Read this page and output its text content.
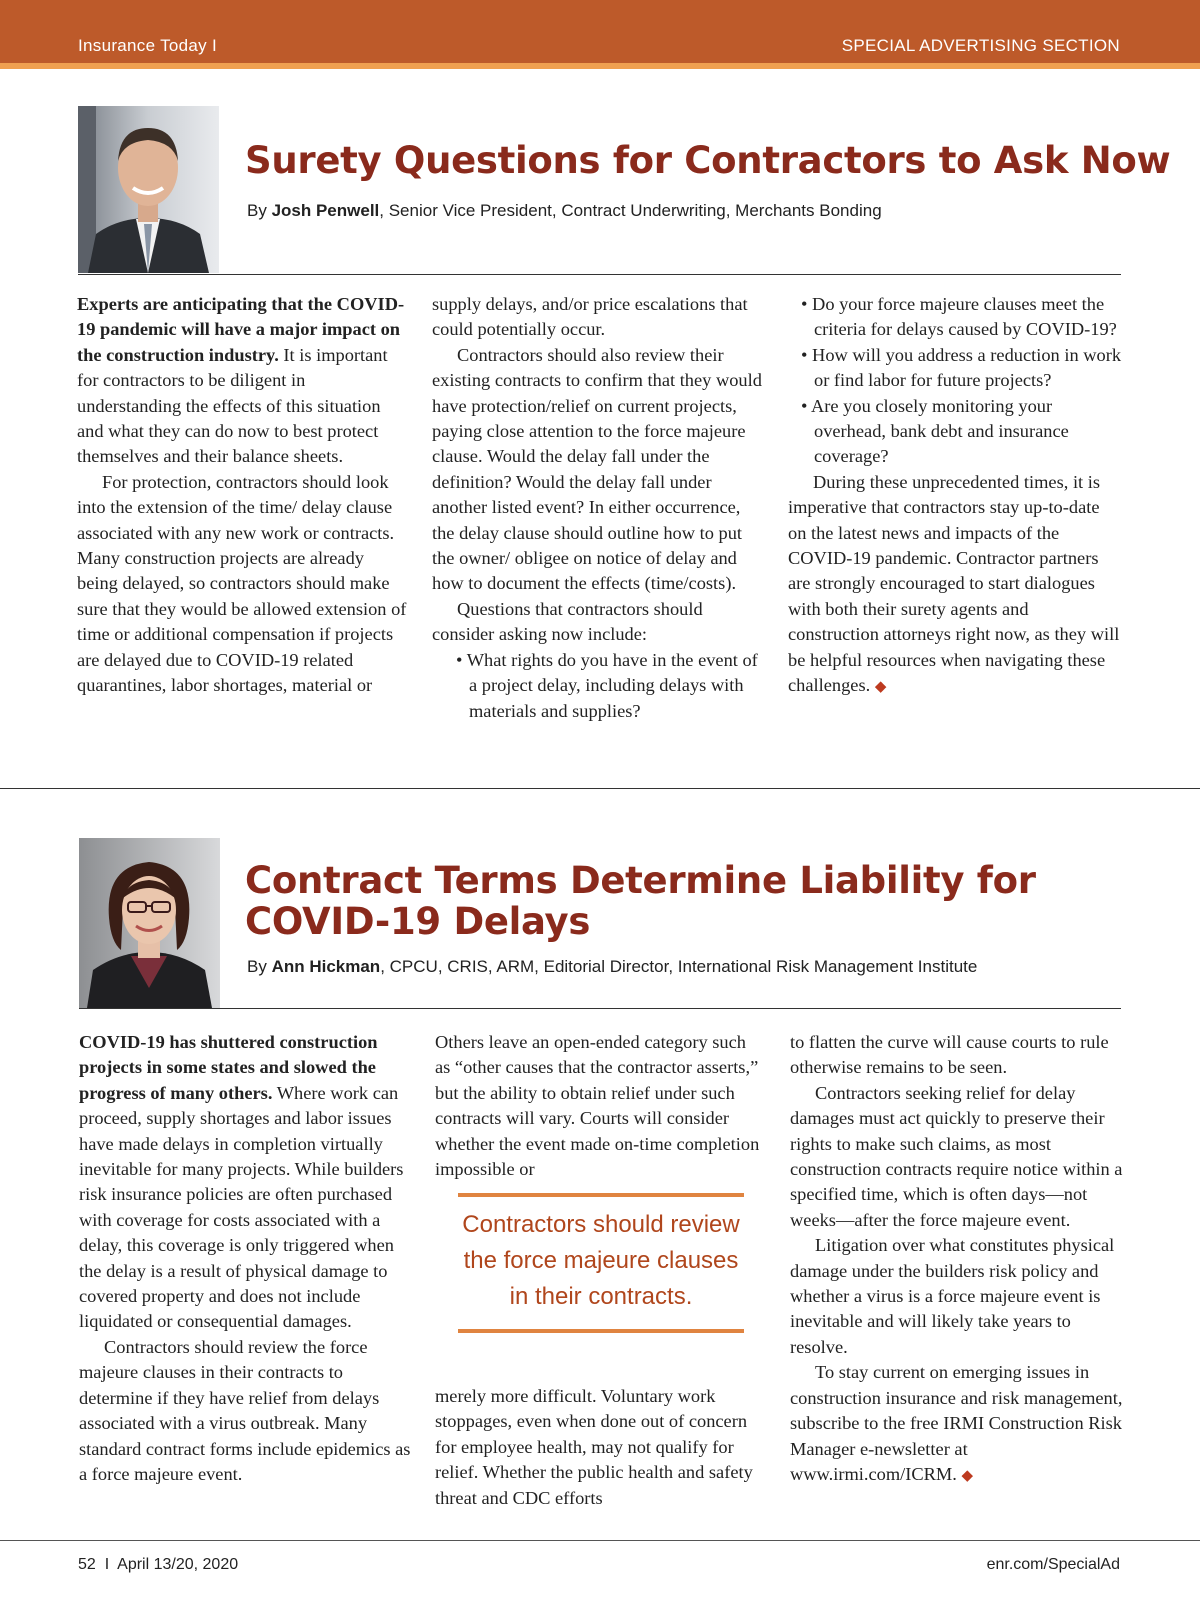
Insurance Today I	SPECIAL ADVERTISING SECTION
Surety Questions for Contractors to Ask Now
By Josh Penwell, Senior Vice President, Contract Underwriting, Merchants Bonding

Experts are anticipating that the COVID-19 pandemic will have a major impact on the construction industry. It is important for contractors to be diligent in understanding the effects of this situation and what they can do now to best protect themselves and their balance sheets.

For protection, contractors should look into the extension of the time/ delay clause associated with any new work or contracts. Many construction projects are already being delayed, so contractors should make sure that they would be allowed extension of time or additional compensation if projects are delayed due to COVID-19 related quarantines, labor shortages, material or

supply delays, and/or price escalations that could potentially occur.

Contractors should also review their existing contracts to confirm that they would have protection/relief on current projects, paying close attention to the force majeure clause. Would the delay fall under the definition? Would the delay fall under another listed event? In either occurrence, the delay clause should outline how to put the owner/ obligee on notice of delay and how to document the effects (time/costs).

Questions that contractors should consider asking now include:

• What rights do you have in the event of a project delay, including delays with materials and supplies?

• Do your force majeure clauses meet the criteria for delays caused by COVID-19?

• How will you address a reduction in work or find labor for future projects?

• Are you closely monitoring your overhead, bank debt and insurance coverage?

During these unprecedented times, it is imperative that contractors stay up-to-date on the latest news and impacts of the COVID-19 pandemic. Contractor partners are strongly encouraged to start dialogues with both their surety agents and construction attorneys right now, as they will be helpful resources when navigating these challenges. ◆

Contract Terms Determine Liability for
COVID-19 Delays
By Ann Hickman, CPCU, CRIS, ARM, Editorial Director, International Risk Management Institute

COVID-19 has shuttered construction projects in some states and slowed the progress of many others. Where work can proceed, supply shortages and labor issues have made delays in completion virtually inevitable for many projects. While builders risk insurance policies are often purchased with coverage for costs associated with a delay, this coverage is only triggered when the delay is a result of physical damage to covered property and does not include liquidated or consequential damages.

Contractors should review the force majeure clauses in their contracts to determine if they have relief from delays associated with a virus outbreak. Many standard contract forms include epidemics as a force majeure event.

Others leave an open-ended category such as “other causes that the contractor asserts,” but the ability to obtain relief under such contracts will vary. Courts will consider whether the event made on-time completion impossible or

Contractors should review the force majeure clauses in their contracts.

merely more difficult. Voluntary work stoppages, even when done out of concern for employee health, may not qualify for relief. Whether the public health and safety threat and CDC efforts

to flatten the curve will cause courts to rule otherwise remains to be seen.

Contractors seeking relief for delay damages must act quickly to preserve their rights to make such claims, as most construction contracts require notice within a specified time, which is often days—not weeks—after the force majeure event.

Litigation over what constitutes physical damage under the builders risk policy and whether a virus is a force majeure event is inevitable and will likely take years to resolve.

To stay current on emerging issues in construction insurance and risk management, subscribe to the free IRMI Construction Risk Manager e-newsletter at www.irmi.com/ICRM. ◆

52  I  April 13/20, 2020	enr.com/SpecialAd
